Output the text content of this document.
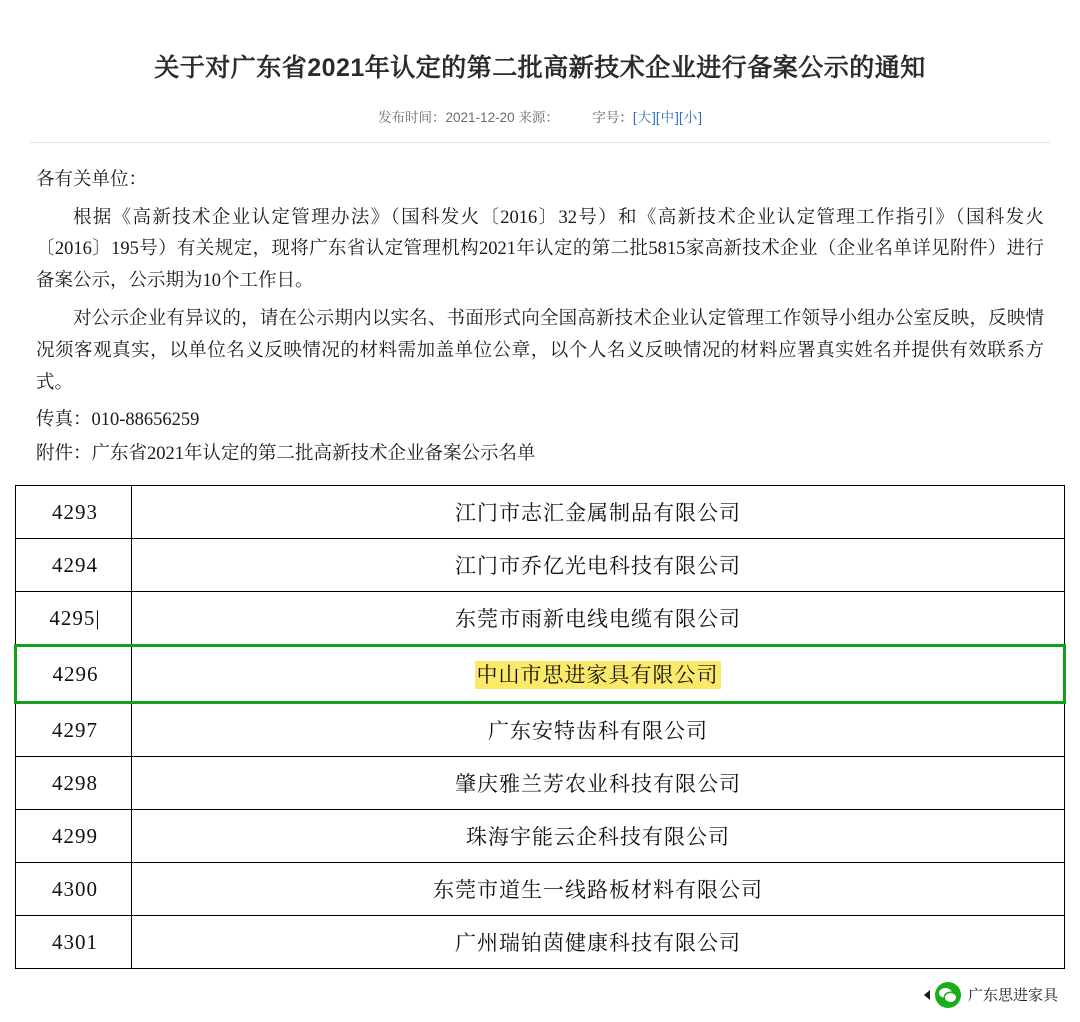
关于对广东省2021年认定的第二批高新技术企业进行备案公示的通知
发布时间：2021-12-20 来源： 字号：[大][中][小]

各有关单位：

根据《高新技术企业认定管理办法》（国科发火〔2016〕32号）和《高新技术企业认定管理工作指引》（国科发火〔2016〕195号）有关规定，现将广东省认定管理机构2021年认定的第二批5815家高新技术企业（企业名单详见附件）进行备案公示，公示期为10个工作日。

对公示企业有异议的，请在公示期内以实名、书面形式向全国高新技术企业认定管理工作领导小组办公室反映，反映情况须客观真实，以单位名义反映情况的材料需加盖单位公章，以个人名义反映情况的材料应署真实姓名并提供有效联系方式。

传真：010-88656259

附件：广东省2021年认定的第二批高新技术企业备案公示名单

4293	江门市志汇金属制品有限公司
4294	江门市乔亿光电科技有限公司
4295|	东莞市雨新电线电缆有限公司
4296	中山市思进家具有限公司
4297	广东安特齿科有限公司
4298	肇庆雅兰芳农业科技有限公司
4299	珠海宇能云企科技有限公司
4300	东莞市道生一线路板材料有限公司
4301	广州瑞铂茵健康科技有限公司
广东思进家具
